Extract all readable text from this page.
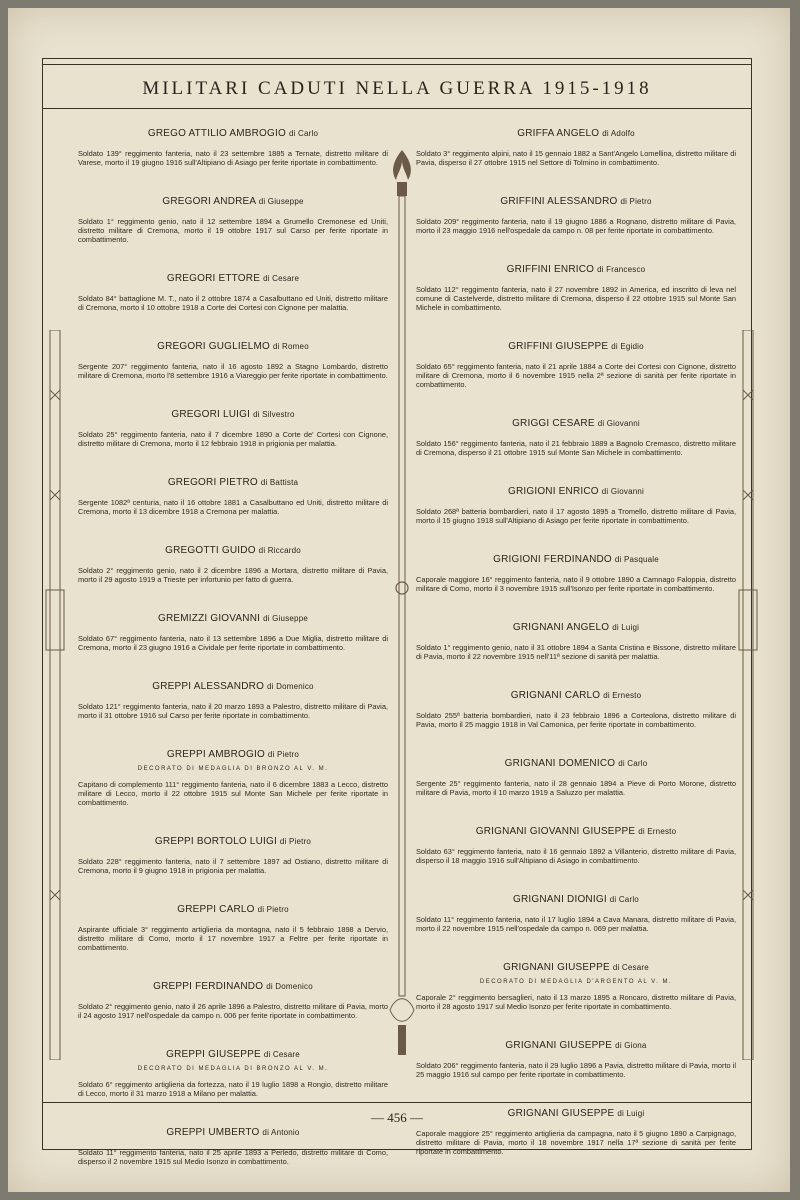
MILITARI CADUTI NELLA GUERRA 1915-1918
GREGO ATTILIO AMBROGIO di Carlo

Soldato 139° reggimento fanteria, nato il 23 settembre 1885 a Ternate, distretto militare di Varese, morto il 19 giugno 1916 sull'Altipiano di Asiago per ferite riportate in combattimento.

GREGORI ANDREA di Giuseppe

Soldato 1° reggimento genio, nato il 12 settembre 1894 a Grumello Cremonese ed Uniti, distretto militare di Cremona, morto il 19 ottobre 1917 sul Carso per ferite riportate in combattimento.

GREGORI ETTORE di Cesare

Soldato 84° battaglione M. T., nato il 2 ottobre 1874 a Casalbuttano ed Uniti, distretto militare di Cremona, morto il 10 ottobre 1918 a Corte dei Cortesi con Cignone per malattia.

GREGORI GUGLIELMO di Romeo

Sergente 207° reggimento fanteria, nato il 16 agosto 1892 a Stagno Lombardo, distretto militare di Cremona, morto l'8 settembre 1916 a Viareggio per ferite riportate in combattimento.

GREGORI LUIGI di Silvestro

Soldato 25° reggimento fanteria, nato il 7 dicembre 1890 a Corte de' Cortesi con Cignone, distretto militare di Cremona, morto il 12 febbraio 1918 in prigionia per malattia.

GREGORI PIETRO di Battista

Sergente 1082ª centuria, nato il 16 ottobre 1881 a Casalbuttano ed Uniti, distretto militare di Cremona, morto il 13 dicembre 1918 a Cremona per malattia.

GREGOTTI GUIDO di Riccardo

Soldato 2° reggimento genio, nato il 2 dicembre 1896 a Mortara, distretto militare di Pavia, morto il 29 agosto 1919 a Trieste per infortunio per fatto di guerra.

GREMIZZI GIOVANNI di Giuseppe

Soldato 67° reggimento fanteria, nato il 13 settembre 1896 a Due Miglia, distretto militare di Cremona, morto il 23 giugno 1916 a Cividale per ferite riportate in combattimento.

GREPPI ALESSANDRO di Domenico

Soldato 121° reggimento fanteria, nato il 20 marzo 1893 a Palestro, distretto militare di Pavia, morto il 31 ottobre 1916 sul Carso per ferite riportate in combattimento.

GREPPI AMBROGIO di Pietro
DECORATO DI MEDAGLIA DI BRONZO AL V. M.

Capitano di complemento 111° reggimento fanteria, nato il 6 dicembre 1883 a Lecco, distretto militare di Lecco, morto il 22 ottobre 1915 sul Monte San Michele per ferite riportate in combattimento.

GREPPI BORTOLO LUIGI di Pietro

Soldato 228° reggimento fanteria, nato il 7 settembre 1897 ad Ostiano, distretto militare di Cremona, morto il 9 giugno 1918 in prigionia per malattia.

GREPPI CARLO di Pietro

Aspirante ufficiale 3° reggimento artiglieria da montagna, nato il 5 febbraio 1898 a Dervio, distretto militare di Como, morto il 17 novembre 1917 a Feltre per ferite riportate in combattimento.

GREPPI FERDINANDO di Domenico

Soldato 2° reggimento genio, nato il 26 aprile 1896 a Palestro, distretto militare di Pavia, morto il 24 agosto 1917 nell'ospedale da campo n. 006 per ferite riportate in combattimento.

GREPPI GIUSEPPE di Cesare
DECORATO DI MEDAGLIA DI BRONZO AL V. M.

Soldato 6° reggimento artiglieria da fortezza, nato il 19 luglio 1898 a Rongio, distretto militare di Lecco, morto il 31 marzo 1918 a Milano per malattia.

GREPPI UMBERTO di Antonio

Soldato 11° reggimento fanteria, nato il 25 aprile 1893 a Perledo, distretto militare di Como, disperso il 2 novembre 1915 sul Medio Isonzo in combattimento.

GRIFFA ANGELO di Adolfo

Soldato 3° reggimento alpini, nato il 15 gennaio 1882 a Sant'Angelo Lomellina, distretto militare di Pavia, disperso il 27 ottobre 1915 nel Settore di Tolmino in combattimento.

GRIFFINI ALESSANDRO di Pietro

Soldato 209° reggimento fanteria, nato il 19 giugno 1886 a Rognano, distretto militare di Pavia, morto il 23 maggio 1916 nell'ospedale da campo n. 08 per ferite riportate in combattimento.

GRIFFINI ENRICO di Francesco

Soldato 112° reggimento fanteria, nato il 27 novembre 1892 in America, ed inscritto di leva nel comune di Castelverde, distretto militare di Cremona, disperso il 22 ottobre 1915 sul Monte San Michele in combattimento.

GRIFFINI GIUSEPPE di Egidio

Soldato 65° reggimento fanteria, nato il 21 aprile 1884 a Corte dei Cortesi con Cignone, distretto militare di Cremona, morto il 6 novembre 1915 nella 2ª sezione di sanità per ferite riportate in combattimento.

GRIGGI CESARE di Giovanni

Soldato 156° reggimento fanteria, nato il 21 febbraio 1889 a Bagnolo Cremasco, distretto militare di Cremona, disperso il 21 ottobre 1915 sul Monte San Michele in combattimento.

GRIGIONI ENRICO di Giovanni

Soldato 268ª batteria bombardieri, nato il 17 agosto 1895 a Tromello, distretto militare di Pavia, morto il 15 giugno 1918 sull'Altipiano di Asiago per ferite riportate in combattimento.

GRIGIONI FERDINANDO di Pasquale

Caporale maggiore 16° reggimento fanteria, nato il 9 ottobre 1890 a Camnago Faloppia, distretto militare di Como, morto il 3 novembre 1915 sull'Isonzo per ferite riportate in combattimento.

GRIGNANI ANGELO di Luigi

Soldato 1° reggimento genio, nato il 31 ottobre 1894 a Santa Cristina e Bissone, distretto militare di Pavia, morto il 22 novembre 1915 nell'11ª sezione di sanità per malattia.

GRIGNANI CARLO di Ernesto

Soldato 255ª batteria bombardieri, nato il 23 febbraio 1896 a Corteolona, distretto militare di Pavia, morto il 25 maggio 1918 in Val Camonica, per ferite riportate in combattimento.

GRIGNANI DOMENICO di Carlo

Sergente 25° reggimento fanteria, nato il 28 gennaio 1894 a Pieve di Porto Morone, distretto militare di Pavia, morto il 10 marzo 1919 a Saluzzo per malattia.

GRIGNANI GIOVANNI GIUSEPPE di Ernesto

Soldato 63° reggimento fanteria, nato il 16 gennaio 1892 a Villanterio, distretto militare di Pavia, disperso il 18 maggio 1916 sull'Altipiano di Asiago in combattimento.

GRIGNANI DIONIGI di Carlo

Soldato 11° reggimento fanteria, nato il 17 luglio 1894 a Cava Manara, distretto militare di Pavia, morto il 22 novembre 1915 nell'ospedale da campo n. 069 per malattia.

GRIGNANI GIUSEPPE di Cesare
DECORATO DI MEDAGLIA D'ARGENTO AL V. M.

Caporale 2° reggimento bersaglieri, nato il 13 marzo 1895 a Roncaro, distretto militare di Pavia, morto il 28 agosto 1917 sul Medio Isonzo per ferite riportate in combattimento.

GRIGNANI GIUSEPPE di Giona

Soldato 206° reggimento fanteria, nato il 29 luglio 1896 a Pavia, distretto militare di Pavia, morto il 25 maggio 1916 sul campo per ferite riportate in combattimento.

GRIGNANI GIUSEPPE di Luigi

Caporale maggiore 25° reggimento artiglieria da campagna, nato il 5 giugno 1890 a Carpignago, distretto militare di Pavia, morto il 18 novembre 1917 nella 17ª sezione di sanità per ferite riportate in combattimento.

— 456 —
